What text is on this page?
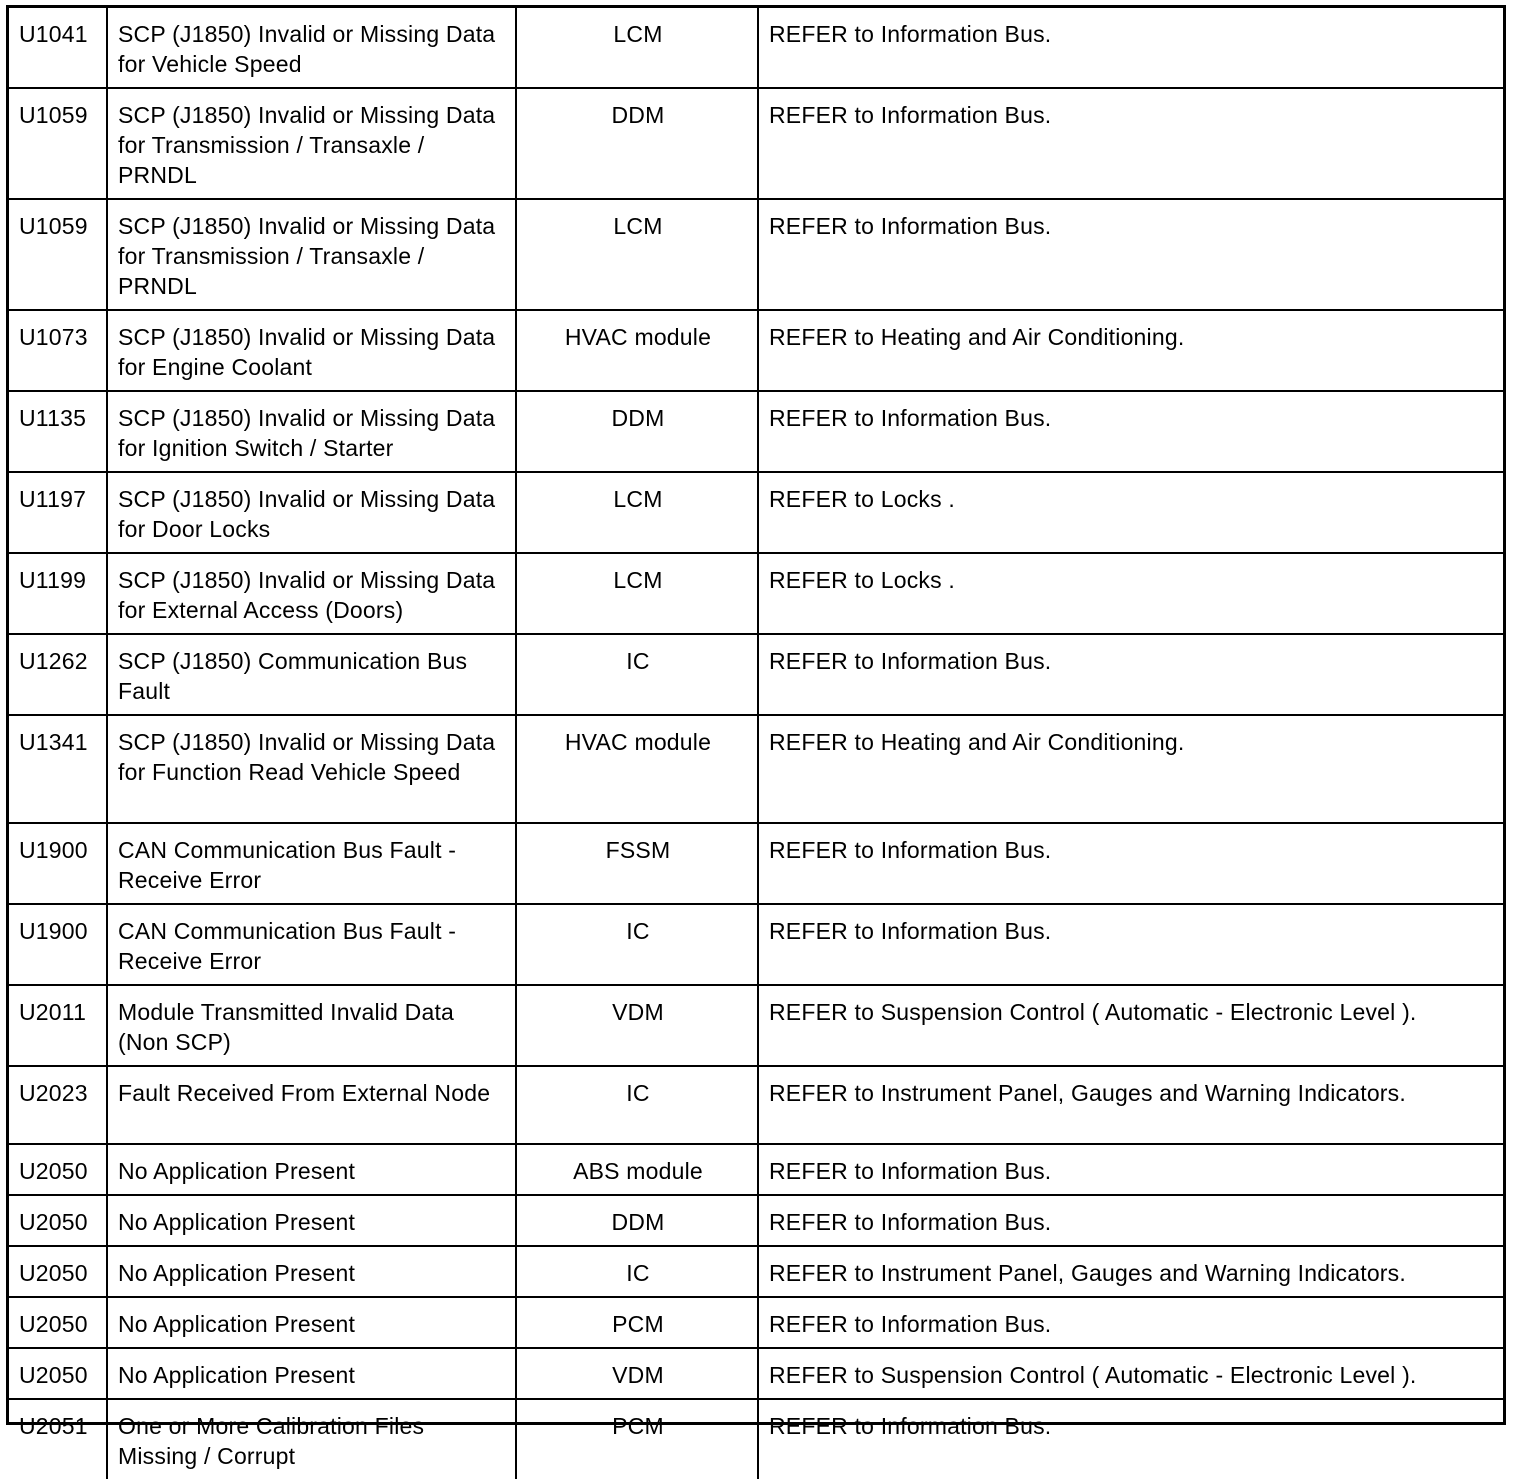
U1041	SCP (J1850) Invalid or Missing Data for Vehicle Speed	LCM	REFER to Information Bus.
U1059	SCP (J1850) Invalid or Missing Data for Transmission / Transaxle / PRNDL	DDM	REFER to Information Bus.
U1059	SCP (J1850) Invalid or Missing Data for Transmission / Transaxle / PRNDL	LCM	REFER to Information Bus.
U1073	SCP (J1850) Invalid or Missing Data for Engine Coolant	HVAC module	REFER to Heating and Air Conditioning.
U1135	SCP (J1850) Invalid or Missing Data for Ignition Switch / Starter	DDM	REFER to Information Bus.
U1197	SCP (J1850) Invalid or Missing Data for Door Locks	LCM	REFER to Locks .
U1199	SCP (J1850) Invalid or Missing Data for External Access (Doors)	LCM	REFER to Locks .
U1262	SCP (J1850) Communication Bus Fault	IC	REFER to Information Bus.
U1341	SCP (J1850) Invalid or Missing Data for Function Read Vehicle Speed	HVAC module	REFER to Heating and Air Conditioning.
U1900	CAN Communication Bus Fault - Receive Error	FSSM	REFER to Information Bus.
U1900	CAN Communication Bus Fault - Receive Error	IC	REFER to Information Bus.
U2011	Module Transmitted Invalid Data (Non SCP)	VDM	REFER to Suspension Control ( Automatic - Electronic Level ).
U2023	Fault Received From External Node	IC	REFER to Instrument Panel, Gauges and Warning Indicators.
U2050	No Application Present	ABS module	REFER to Information Bus.
U2050	No Application Present	DDM	REFER to Information Bus.
U2050	No Application Present	IC	REFER to Instrument Panel, Gauges and Warning Indicators.
U2050	No Application Present	PCM	REFER to Information Bus.
U2050	No Application Present	VDM	REFER to Suspension Control ( Automatic - Electronic Level ).
U2051	One or More Calibration Files Missing / Corrupt	PCM	REFER to Information Bus.
